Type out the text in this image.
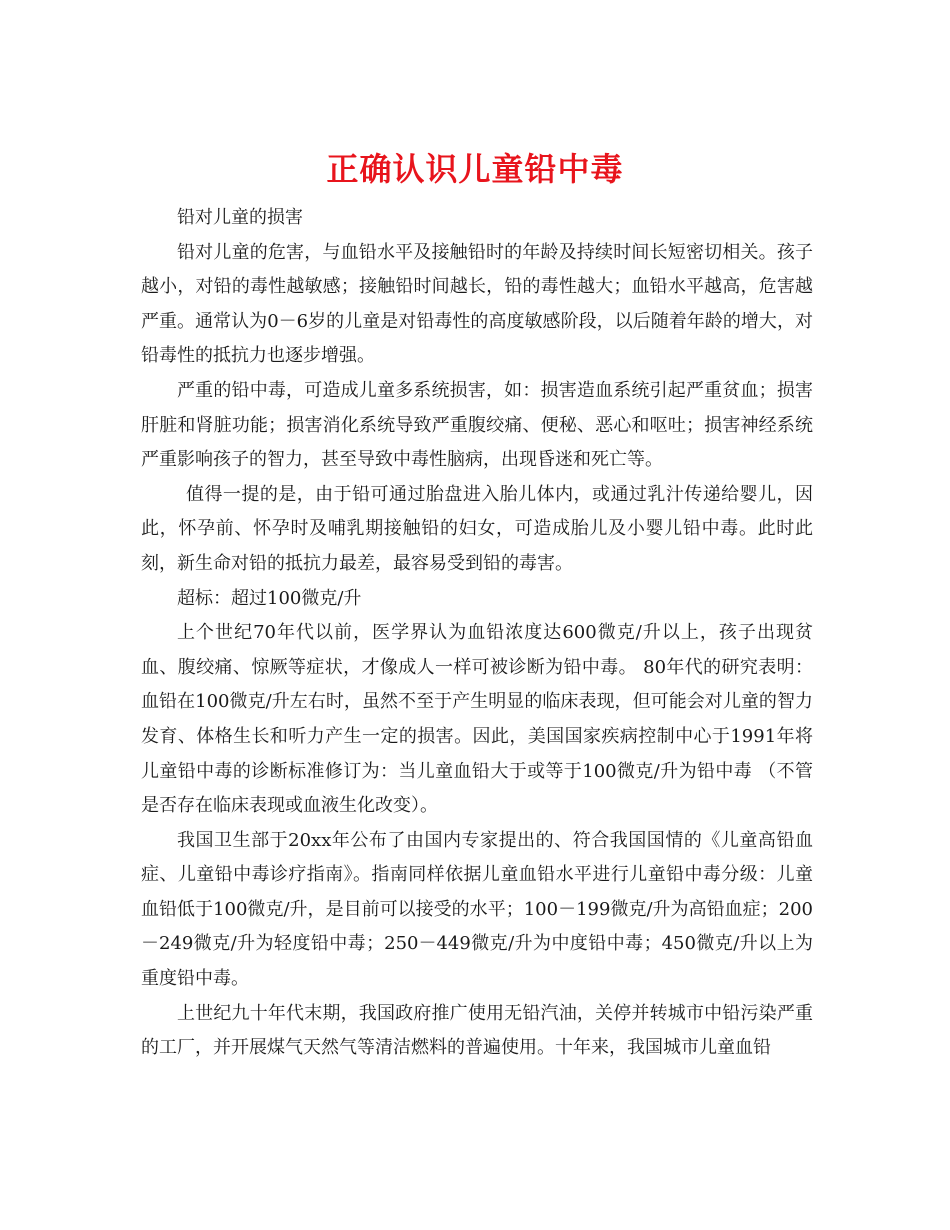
正确认识儿童铅中毒

铅对儿童的损害

铅对儿童的危害，与血铅水平及接触铅时的年龄及持续时间长短密切相关。孩子越小，对铅的毒性越敏感；接触铅时间越长，铅的毒性越大；血铅水平越高，危害越严重。通常认为0－6岁的儿童是对铅毒性的高度敏感阶段，以后随着年龄的增大，对铅毒性的抵抗力也逐步增强。

严重的铅中毒，可造成儿童多系统损害，如：损害造血系统引起严重贫血；损害肝脏和肾脏功能；损害消化系统导致严重腹绞痛、便秘、恶心和呕吐；损害神经系统严重影响孩子的智力，甚至导致中毒性脑病，出现昏迷和死亡等。

值得一提的是，由于铅可通过胎盘进入胎儿体内，或通过乳汁传递给婴儿，因此，怀孕前、怀孕时及哺乳期接触铅的妇女，可造成胎儿及小婴儿铅中毒。此时此刻，新生命对铅的抵抗力最差，最容易受到铅的毒害。

超标：超过100微克/升

上个世纪70年代以前，医学界认为血铅浓度达600微克/升以上，孩子出现贫血、腹绞痛、惊厥等症状，才像成人一样可被诊断为铅中毒。 80年代的研究表明：血铅在100微克/升左右时，虽然不至于产生明显的临床表现，但可能会对儿童的智力发育、体格生长和听力产生一定的损害。因此，美国国家疾病控制中心于1991年将儿童铅中毒的诊断标准修订为：当儿童血铅大于或等于100微克/升为铅中毒 （不管是否存在临床表现或血液生化改变）。

我国卫生部于20xx年公布了由国内专家提出的、符合我国国情的《儿童高铅血症、儿童铅中毒诊疗指南》。指南同样依据儿童血铅水平进行儿童铅中毒分级：儿童血铅低于100微克/升，是目前可以接受的水平；100－199微克/升为高铅血症；200－249微克/升为轻度铅中毒；250－449微克/升为中度铅中毒；450微克/升以上为重度铅中毒。

上世纪九十年代末期，我国政府推广使用无铅汽油，关停并转城市中铅污染严重的工厂，并开展煤气天然气等清洁燃料的普遍使用。十年来，我国城市儿童血铅
